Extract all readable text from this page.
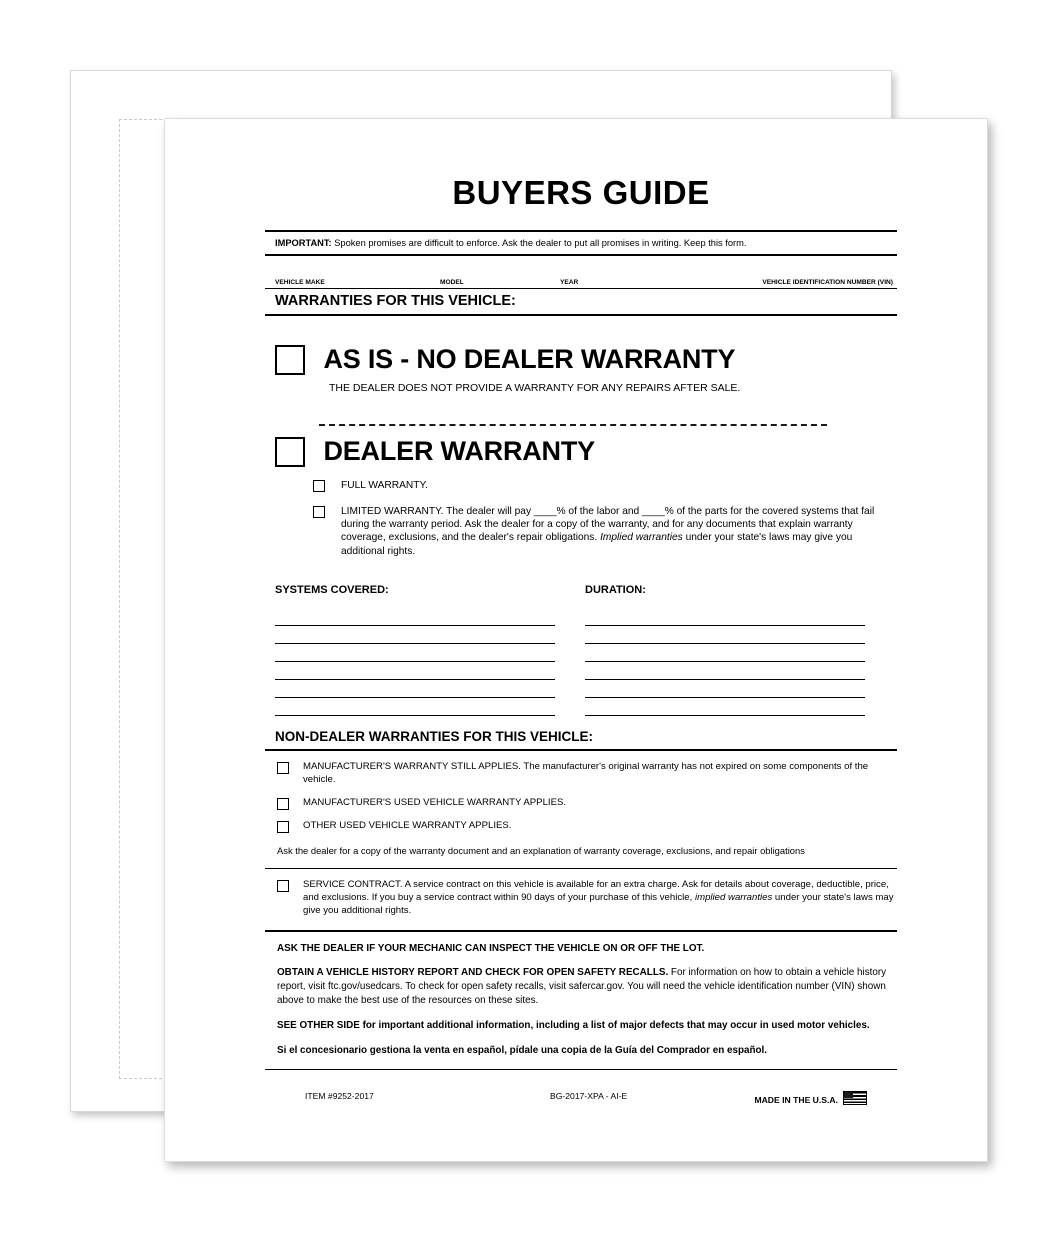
BUYERS GUIDE
IMPORTANT: Spoken promises are difficult to enforce. Ask the dealer to put all promises in writing. Keep this form.
VEHICLE MAKE	MODEL	YEAR	VEHICLE IDENTIFICATION NUMBER (VIN)
WARRANTIES FOR THIS VEHICLE:
AS IS - NO DEALER WARRANTY
THE DEALER DOES NOT PROVIDE A WARRANTY FOR ANY REPAIRS AFTER SALE.
DEALER WARRANTY
FULL WARRANTY.
LIMITED WARRANTY. The dealer will pay ____% of the labor and ____% of the parts for the covered systems that fail during the warranty period. Ask the dealer for a copy of the warranty, and for any documents that explain warranty coverage, exclusions, and the dealer's repair obligations. Implied warranties under your state's laws may give you additional rights.
SYSTEMS COVERED:	DURATION:
NON-DEALER WARRANTIES FOR THIS VEHICLE:
MANUFACTURER'S WARRANTY STILL APPLIES. The manufacturer's original warranty has not expired on some components of the vehicle.
MANUFACTURER'S USED VEHICLE WARRANTY APPLIES.
OTHER USED VEHICLE WARRANTY APPLIES.
Ask the dealer for a copy of the warranty document and an explanation of warranty coverage, exclusions, and repair obligations
SERVICE CONTRACT. A service contract on this vehicle is available for an extra charge. Ask for details about coverage, deductible, price, and exclusions. If you buy a service contract within 90 days of your purchase of this vehicle, implied warranties under your state's laws may give you additional rights.
ASK THE DEALER IF YOUR MECHANIC CAN INSPECT THE VEHICLE ON OR OFF THE LOT.
OBTAIN A VEHICLE HISTORY REPORT AND CHECK FOR OPEN SAFETY RECALLS. For information on how to obtain a vehicle history report, visit ftc.gov/usedcars. To check for open safety recalls, visit safercar.gov. You will need the vehicle identification number (VIN) shown above to make the best use of the resources on these sites.
SEE OTHER SIDE for important additional information, including a list of major defects that may occur in used motor vehicles.
Si el concesionario gestiona la venta en español, pídale una copia de la Guía del Comprador en español.
ITEM #9252-2017	BG-2017-XPA - AI-E	MADE IN THE U.S.A.
